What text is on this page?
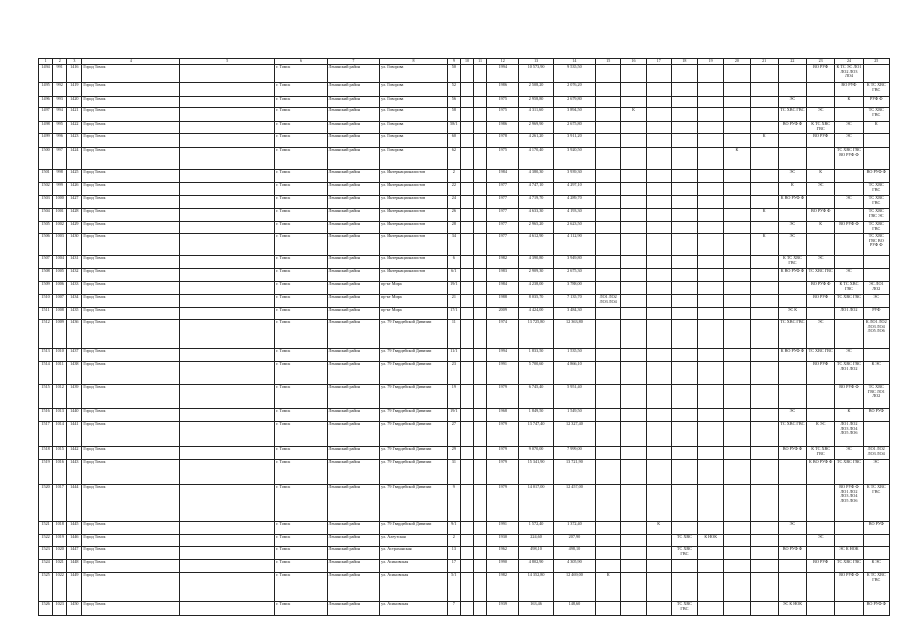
1	2	3	4	5	6	7	8	9	10	11	12	13	14	15	16	17	18	19	20	21	22	23	24	25
1494	991	1416	Город Томск		г. Томск	Ленинский район	ул. Говорова	50			1994	10 573,90	9 535,50									ВО РУФ	К ТС ЭС ЛО1 ЛО2 ЛО3 ЛО4	
1495	992	1419	Город Томск		г. Томск	Ленинский район	ул. Говорова	52			1986	2 508,20	2 076,20										ВО РУФ	К ТС ХВС ГВС
1496	993	1420	Город Томск		г. Томск	Ленинский район	ул. Говорова	56			1975	2 958,80	2 679,80								ЭС		К	РУФ Ф
1497	994	1421	Город Томск		г. Томск	Ленинский район	ул. Говорова	58			1975	4 311,60	3 894,50		К						ТС ХВС ГВС	ЭС		ТС ХВС ГВС
1498	995	1422	Город Томск		г. Томск	Ленинский район	ул. Говорова	58/1			1986	2 969,90	2 675,80								ВО РУФ Ф	К ТС ХВС ГВС	ЭС	К
1499	996	1423	Город Томск		г. Томск	Ленинский район	ул. Говорова	60			1978	4 261,20	3 911,20							К		ВО РУФ	ЭС	
1500	997	1424	Город Томск		г. Томск	Ленинский район	ул. Говорова	62			1975	4 170,40	3 920,50						К				ТС ХВС ГВС ВО РУФ Ф	
1501	998	1425	Город Томск		г. Томск	Ленинский район	ул. Интернационалистов	2			1984	4 380,30	3 939,30								ЭС	К		ВО РУФ Ф
1502	999	1426	Город Томск		г. Томск	Ленинский район	ул. Интернационалистов	22			1977	4 747,10	4 297,10								К	ЭС		ТС ХВС ГВС
1503	1000	1427	Город Томск		г. Томск	Ленинский район	ул. Интернационалистов	24			1977	4 719,70	4 289,70								К ВО РУФ Ф		ЭС	ТС ХВС ГВС
1504	1001	1428	Город Томск		г. Томск	Ленинский район	ул. Интернационалистов	26			1977	4 633,30	4 193,30							К		ВО РУФ Ф		ТС ХВС ГВС ЭС
1505	1002	1429	Город Томск		г. Томск	Ленинский район	ул. Интернационалистов	28			1977	2 965,20	2 623,50								ЭС	К	ВО РУФ Ф	ТС ХВС ГВС
1506	1003	1430	Город Томск		г. Томск	Ленинский район	ул. Интернационалистов	34			1977	4 612,90	4 112,90							К	ЭС			ТС ХВС ГВС ВО РУФ Ф
1507	1004	1431	Город Томск		г. Томск	Ленинский район	ул. Интернационалистов	6			1982	4 390,80	3 949,80								К ТС ХВС ГВС	ЭС		
1508	1005	1432	Город Томск		г. Томск	Ленинский район	ул. Интернационалистов	6/1			1983	2 909,30	2 675,30								К ВО РУФ Ф	ТС ХВС ГВС	ЭС	
1509	1006	1433	Город Томск		г. Томск	Ленинский район	пр-кт Мира	19/1			1984	4 238,00	3 788,00									ВО РУФ Ф	К ТС ХВС ГВС	ЭС ЛО1 ЛО2
1510	1007	1434	Город Томск		г. Томск	Ленинский район	пр-кт Мира	21			1988	8 035,70	7 135,70	ЛО1 ЛО2 ЛО3 ЛО4								ВО РУФ	ТС ХВС ГВС	ЭС
1511	1008	1435	Город Томск		г. Томск	Ленинский район	пр-кт Мира	17/1			2009	4 424,00	3 484,30								ЭС К		ЛО1 ЛО2	РУФ
1512	1009	1436	Город Томск		г. Томск	Ленинский район	ул. 79 Гвардейской Дивизии	11			1974	13 725,80	12 363,80								ТС ХВС ГВС	ЭС		К ЛО1 ЛО2 ЛО3 ЛО4 ЛО5 ЛО6
1513	1010	1437	Город Томск		г. Томск	Ленинский район	ул. 79 Гвардейской Дивизии	11/1			1994	1 833,50	1 535,50								К ВО РУФ Ф	ТС ХВС ГВС	ЭС	
1514	1011	1438	Город Томск		г. Томск	Ленинский район	ул. 79 Гвардейской Дивизии	23			1991	5 700,60	4 866,10									ВО РУФ	ТС ХВС ГВС ЛО1 ЛО2	К ЭС
1515	1012	1439	Город Томск		г. Томск	Ленинский район	ул. 79 Гвардейской Дивизии	19			1979	6 745,40	5 951,40										ВО РУФ Ф	ТС ХВС ГВС ЛО1 ЛО2
1516	1013	1440	Город Томск		г. Томск	Ленинский район	ул. 79 Гвардейской Дивизии	19/1			1968	1 849,50	1 549,50								ЭС		К	ВО РУФ
1517	1014	1441	Город Томск		г. Томск	Ленинский район	ул. 79 Гвардейской Дивизии	27			1979	13 747,40	12 327,40								ТС ХВС ГВС	К ЭС	ЛО1 ЛО2 ЛО3 ЛО4 ЛО5 ЛО6	
1518	1015	1442	Город Томск		г. Томск	Ленинский район	ул. 79 Гвардейской Дивизии	29			1979	9 070,00	7 999,00								ВО РУФ Ф	К ТС ХВС ГВС	ЭС	ЛО1 ЛО2 ЛО3 ЛО4
1519	1016	1443	Город Томск		г. Томск	Ленинский район	ул. 79 Гвардейской Дивизии	31			1979	15 341,90	13 721,90									К ВО РУФ Ф	ТС ХВС ГВС	ЭС
1520	1017	1444	Город Томск		г. Томск	Ленинский район	ул. 79 Гвардейской Дивизии	9			1979	14 017,00	12 457,00										ВО РУФ Ф ЛО1 ЛО2 ЛО3 ЛО4 ЛО5 ЛО6	К ТС ХВС ГВС
1521	1018	1445	Город Томск		г. Томск	Ленинский район	ул. 79 Гвардейской Дивизии	9/1			1991	1 572,40	1 372,40			К					ЭС			ВО РУФ
1522	1019	1446	Город Томск		г. Томск	Ленинский район	ул. Алеутская	2			1930	224,60	207,90				ТС ХВС	К НОК				ЭС		
1523	1020	1447	Город Томск		г. Томск	Ленинский район	ул. Астраханская	13			1962	498,10	498,10				ТС ХВС ГВС				ВО РУФ Ф		ЭС К НОК	
1524	1021	1448	Город Томск		г. Томск	Ленинский район	ул. Асиновская	17			1990	4 802,90	4 305,90									ВО РУФ	ТС ХВС ГВС	К ЭС
1525	1022	1449	Город Томск		г. Томск	Ленинский район	ул. Асиновская	5/1			1982	14 352,80	12 469,00	К									ВО РУФ Ф	К ТС ХВС ГВС
1526	1023	1450	Город Томск		г. Томск	Ленинский район	ул. Асиновская	7			1939	163,46	148,60				ТС ХВС ГВС				ЭС К НОК			ВО РУФ Ф
